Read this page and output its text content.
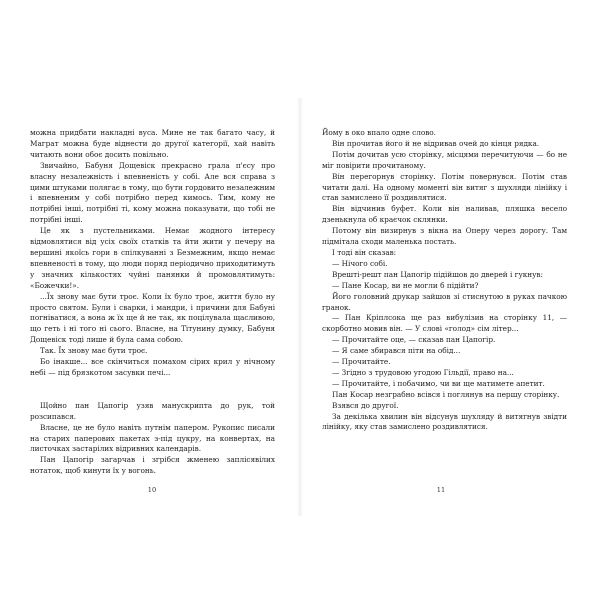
можна придбати накладні вуса. Мине не так багато часу, й Маграт можна буде віднести до другої категорії, хай навіть читають вони обоє досить повільно.

Звичайно, Бабуня Дощевіск прекрасно грала п'єсу про власну незалежність і впевненість у собі. Але вся справа з цими штуками полягає в тому, що бути гордовито незалежним і впевненим у собі потрібно перед кимось. Тим, кому не потрібні інші, потрібні ті, кому можна показувати, що тобі не потрібні інші.

Це як з пустельниками. Немає жодного інтересу відмовлятися від усіх своїх статків та йти жити у печеру на вершині якоїсь гори в спілкуванні з Безмежним, якщо немає впевненості в тому, що люди поряд періодично приходитимуть у значних кількостях чуйні панянки й промовлятимуть: «Божечки!».

...Їх знову має бути троє. Коли їх було троє, життя було ну просто святом. Були і сварки, і мандри, і причини для Бабуні погніватися, а вона ж їх ще й не так, як поцілувала щасливою, що геть і ні того ні сього. Власне, на Тітунину думку, Бабуня Дощевіск тоді лише й була сама собою.

Так. Їх знову має бути троє.

Бо інакше... все скінчиться помахом сірих крил у нічному небі — під брязкотом засувки печі...

Щойно пан Цапогір узяв манускрипта до рук, той розсипався.

Власне, це не було навіть путнім папером. Рукопис писали на старих паперових пакетах з-під цукру, на конвертах, на листочках застарілих відривних календарів.

Пан Цапогір загарчав і згрібся жменею заплісявілих нотаток, щоб кинути їх у вогонь.

10

Йому в око впало одне слово.

Він прочитав його й не відривав очей до кінця рядка.

Потім дочитав усю сторінку, місцями перечитуючи — бо не міг повірити прочитаному.

Він перегорнув сторінку. Потім повернувся. Потім став читати далі. На одному моменті він витяг з шухляди лінійку і став замислено її роздивлятися.

Він відчинив буфет. Коли він наливав, пляшка весело дзенькнула об краєчок склянки.

Потому він визирнув з вікна на Оперу через дорогу. Там підмітала сходи маленька постать.

І тоді він сказав:

— Нічого собі.

Врешті-решт пан Цапогір підійшов до дверей і гукнув:

— Пане Косар, ви не могли б підійти?

Його головний друкар зайшов зі стиснутою в руках пачкою гранок.

— Пан Кріплсока ще раз вибулізив на сторінку 11, — скорботно мовив він. — У слові «голод» сім літер...

— Прочитайте оце, — сказав пан Цапогір.

— Я саме збирався піти на обід...

— Прочитайте.

— Згідно з трудовою угодою Гільдії, право на...

— Прочитайте, і побачимо, чи ви ще матимете апетит.

Пан Косар незграбно всівся і поглянув на першу сторінку.

Взявся до другої.

За декілька хвилин він відсунув шухляду й витягнув звідти лінійку, яку став замислено роздивлятися.

11
